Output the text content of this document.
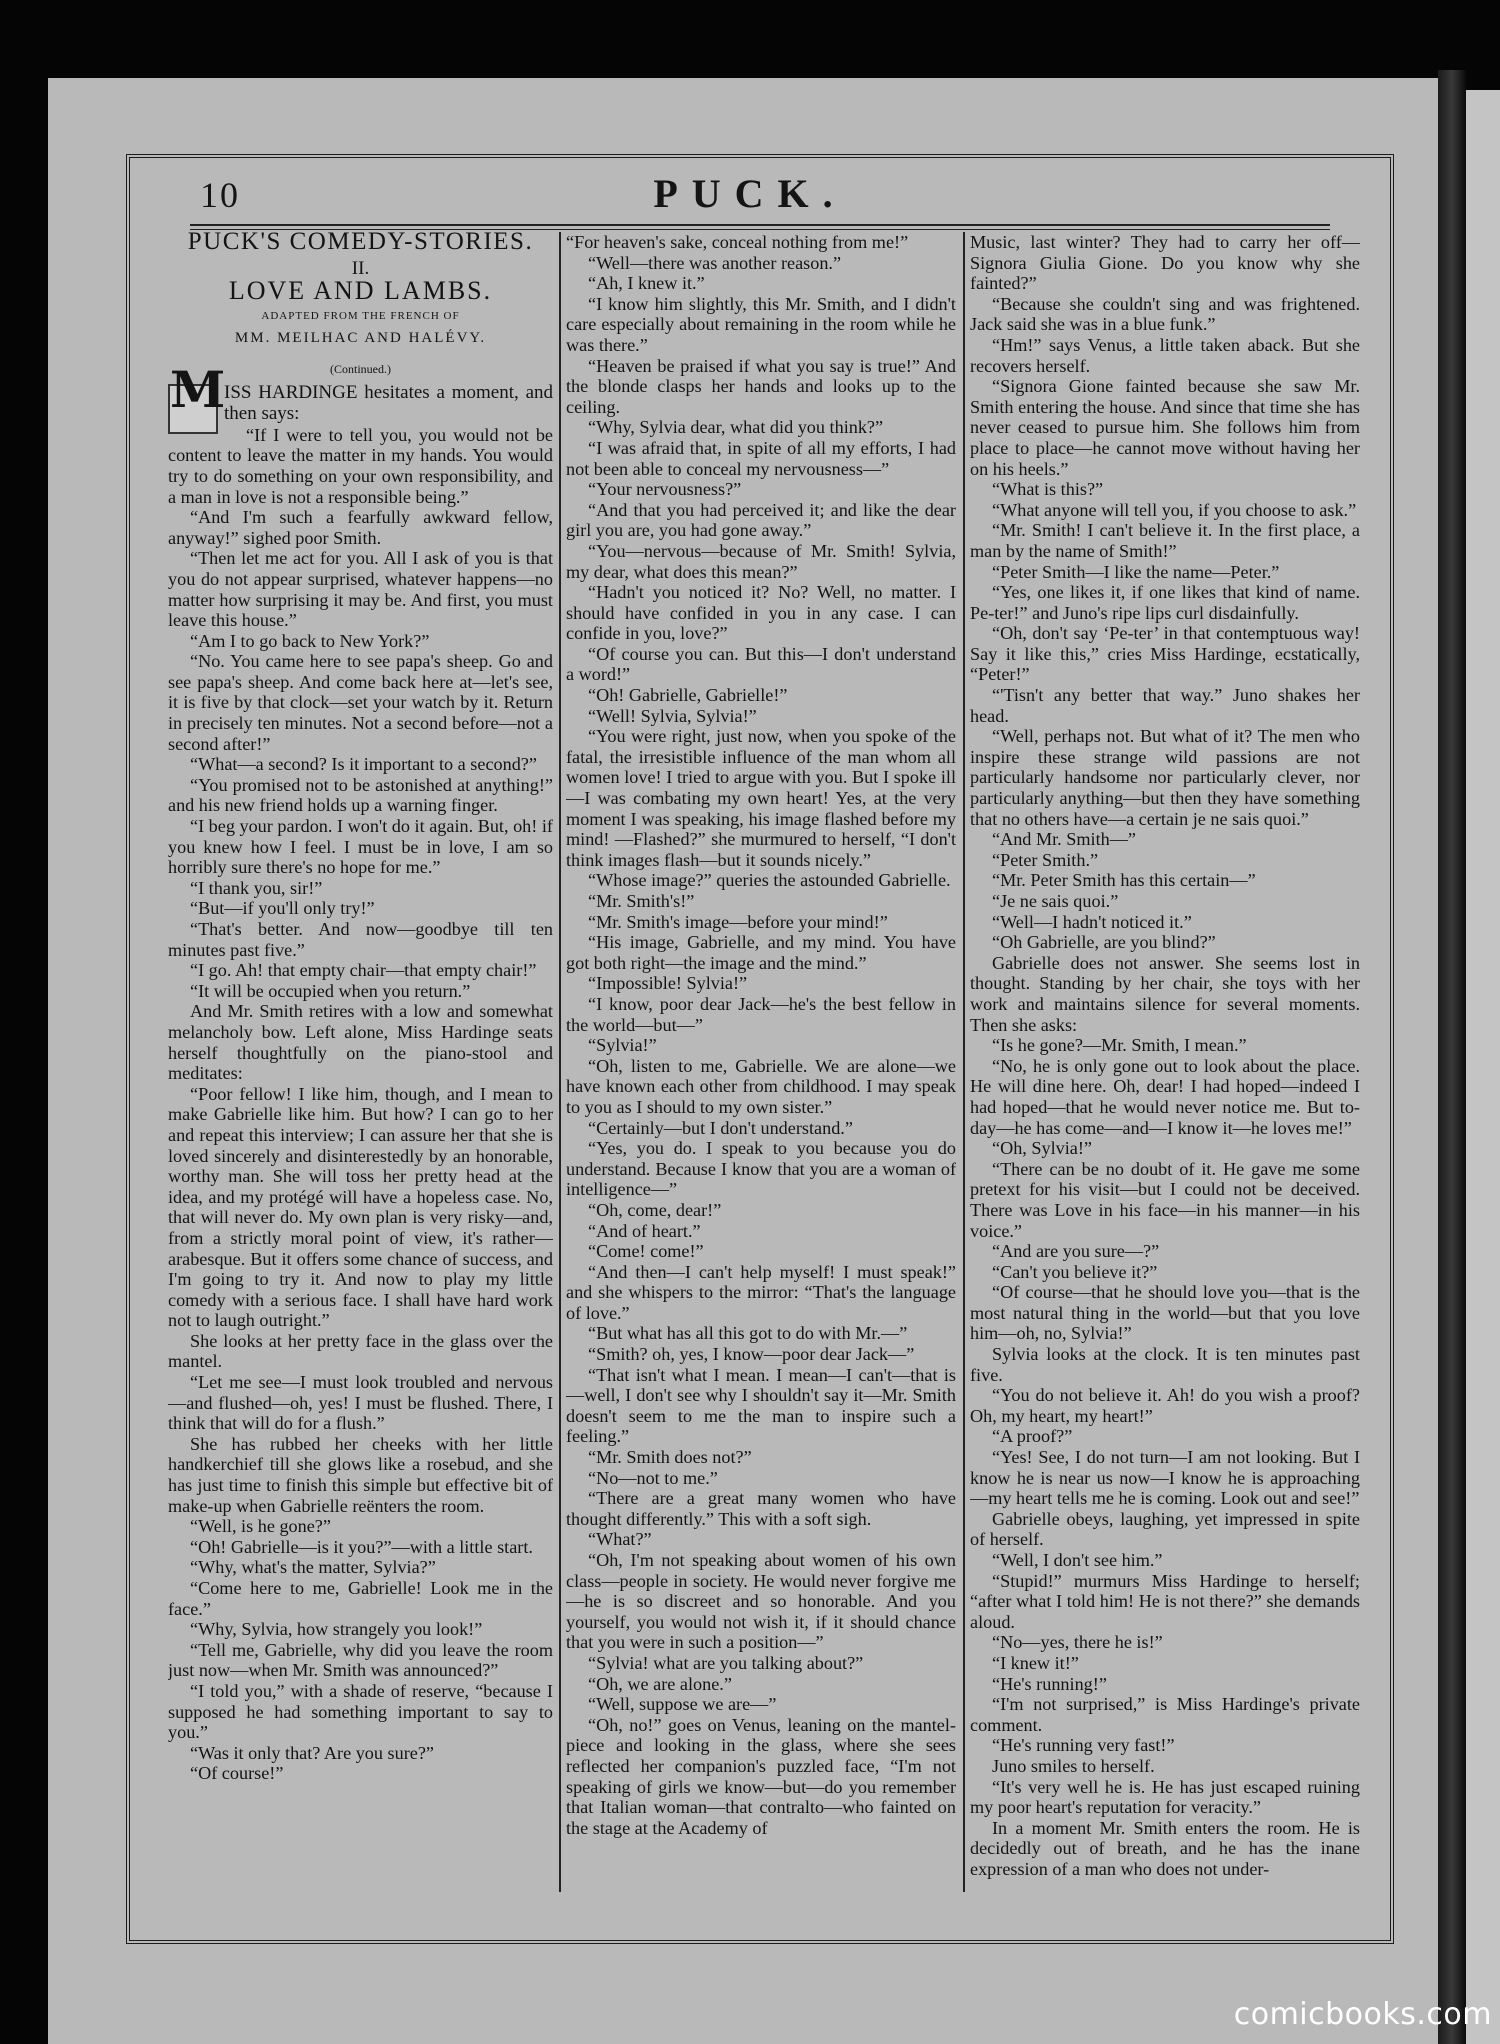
10	PUCK.
PUCK'S COMEDY-STORIES.
II.
LOVE AND LAMBS.
ADAPTED FROM THE FRENCH OF
MM. MEILHAC AND HALÉVY.
(Continued.)

M
ISS HARDINGE hesitates a moment, and then says:

“If I were to tell you, you would not be content to leave the matter in my hands. You would try to do something on your own responsibility, and a man in love is not a responsible being.”

“And I'm such a fearfully awkward fellow, anyway!” sighed poor Smith.

“Then let me act for you. All I ask of you is that you do not appear surprised, whatever happens—no matter how surprising it may be. And first, you must leave this house.”

“Am I to go back to New York?”

“No. You came here to see papa's sheep. Go and see papa's sheep. And come back here at—let's see, it is five by that clock—set your watch by it. Return in precisely ten minutes. Not a second before—not a second after!”

“What—a second? Is it important to a second?”

“You promised not to be astonished at anything!” and his new friend holds up a warning finger.

“I beg your pardon. I won't do it again. But, oh! if you knew how I feel. I must be in love, I am so horribly sure there's no hope for me.”

“I thank you, sir!”

“But—if you'll only try!”

“That's better. And now—goodbye till ten minutes past five.”

“I go. Ah! that empty chair—that empty chair!”

“It will be occupied when you return.”

And Mr. Smith retires with a low and somewhat melancholy bow. Left alone, Miss Hardinge seats herself thoughtfully on the piano-stool and meditates:

“Poor fellow! I like him, though, and I mean to make Gabrielle like him. But how? I can go to her and repeat this interview; I can assure her that she is loved sincerely and disinterestedly by an honorable, worthy man. She will toss her pretty head at the idea, and my protégé will have a hopeless case. No, that will never do. My own plan is very risky—and, from a strictly moral point of view, it's rather—arabesque. But it offers some chance of success, and I'm going to try it. And now to play my little comedy with a serious face. I shall have hard work not to laugh outright.”

She looks at her pretty face in the glass over the mantel.

“Let me see—I must look troubled and nervous—and flushed—oh, yes! I must be flushed. There, I think that will do for a flush.”

She has rubbed her cheeks with her little handkerchief till she glows like a rosebud, and she has just time to finish this simple but effective bit of make-up when Gabrielle reënters the room.

“Well, is he gone?”

“Oh! Gabrielle—is it you?”—with a little start.

“Why, what's the matter, Sylvia?”

“Come here to me, Gabrielle! Look me in the face.”

“Why, Sylvia, how strangely you look!”

“Tell me, Gabrielle, why did you leave the room just now—when Mr. Smith was announced?”

“I told you,” with a shade of reserve, “because I supposed he had something important to say to you.”

“Was it only that? Are you sure?”

“Of course!”

“For heaven's sake, conceal nothing from me!”

“Well—there was another reason.”

“Ah, I knew it.”

“I know him slightly, this Mr. Smith, and I didn't care especially about remaining in the room while he was there.”

“Heaven be praised if what you say is true!” And the blonde clasps her hands and looks up to the ceiling.

“Why, Sylvia dear, what did you think?”

“I was afraid that, in spite of all my efforts, I had not been able to conceal my nervousness—”

“Your nervousness?”

“And that you had perceived it; and like the dear girl you are, you had gone away.”

“You—nervous—because of Mr. Smith! Sylvia, my dear, what does this mean?”

“Hadn't you noticed it? No? Well, no matter. I should have confided in you in any case. I can confide in you, love?”

“Of course you can. But this—I don't understand a word!”

“Oh! Gabrielle, Gabrielle!”

“Well! Sylvia, Sylvia!”

“You were right, just now, when you spoke of the fatal, the irresistible influence of the man whom all women love! I tried to argue with you. But I spoke ill—I was combating my own heart! Yes, at the very moment I was speaking, his image flashed before my mind! —Flashed?” she murmured to herself, “I don't think images flash—but it sounds nicely.”

“Whose image?” queries the astounded Gabrielle.

“Mr. Smith's!”

“Mr. Smith's image—before your mind!”

“His image, Gabrielle, and my mind. You have got both right—the image and the mind.”

“Impossible! Sylvia!”

“I know, poor dear Jack—he's the best fellow in the world—but—”

“Sylvia!”

“Oh, listen to me, Gabrielle. We are alone—we have known each other from childhood. I may speak to you as I should to my own sister.”

“Certainly—but I don't understand.”

“Yes, you do. I speak to you because you do understand. Because I know that you are a woman of intelligence—”

“Oh, come, dear!”

“And of heart.”

“Come! come!”

“And then—I can't help myself! I must speak!” and she whispers to the mirror: “That's the language of love.”

“But what has all this got to do with Mr.—”

“Smith? oh, yes, I know—poor dear Jack—”

“That isn't what I mean. I mean—I can't—that is—well, I don't see why I shouldn't say it—Mr. Smith doesn't seem to me the man to inspire such a feeling.”

“Mr. Smith does not?”

“No—not to me.”

“There are a great many women who have thought differently.” This with a soft sigh.

“What?”

“Oh, I'm not speaking about women of his own class—people in society. He would never forgive me—he is so discreet and so honorable. And you yourself, you would not wish it, if it should chance that you were in such a position—”

“Sylvia! what are you talking about?”

“Oh, we are alone.”

“Well, suppose we are—”

“Oh, no!” goes on Venus, leaning on the mantel-piece and looking in the glass, where she sees reflected her companion's puzzled face, “I'm not speaking of girls we know—but—do you remember that Italian woman—that contralto—who fainted on the stage at the Academy of

Music, last winter? They had to carry her off—Signora Giulia Gione. Do you know why she fainted?”

“Because she couldn't sing and was frightened. Jack said she was in a blue funk.”

“Hm!” says Venus, a little taken aback. But she recovers herself.

“Signora Gione fainted because she saw Mr. Smith entering the house. And since that time she has never ceased to pursue him. She follows him from place to place—he cannot move without having her on his heels.”

“What is this?”

“What anyone will tell you, if you choose to ask.”

“Mr. Smith! I can't believe it. In the first place, a man by the name of Smith!”

“Peter Smith—I like the name—Peter.”

“Yes, one likes it, if one likes that kind of name. Pe-ter!” and Juno's ripe lips curl disdainfully.

“Oh, don't say ‘Pe-ter’ in that contemptuous way! Say it like this,” cries Miss Hardinge, ecstatically, “Peter!”

“'Tisn't any better that way.” Juno shakes her head.

“Well, perhaps not. But what of it? The men who inspire these strange wild passions are not particularly handsome nor particularly clever, nor particularly anything—but then they have something that no others have—a certain je ne sais quoi.”

“And Mr. Smith—”

“Peter Smith.”

“Mr. Peter Smith has this certain—”

“Je ne sais quoi.”

“Well—I hadn't noticed it.”

“Oh Gabrielle, are you blind?”

Gabrielle does not answer. She seems lost in thought. Standing by her chair, she toys with her work and maintains silence for several moments. Then she asks:

“Is he gone?—Mr. Smith, I mean.”

“No, he is only gone out to look about the place. He will dine here. Oh, dear! I had hoped—indeed I had hoped—that he would never notice me. But to-day—he has come—and—I know it—he loves me!”

“Oh, Sylvia!”

“There can be no doubt of it. He gave me some pretext for his visit—but I could not be deceived. There was Love in his face—in his manner—in his voice.”

“And are you sure—?”

“Can't you believe it?”

“Of course—that he should love you—that is the most natural thing in the world—but that you love him—oh, no, Sylvia!”

Sylvia looks at the clock. It is ten minutes past five.

“You do not believe it. Ah! do you wish a proof? Oh, my heart, my heart!”

“A proof?”

“Yes! See, I do not turn—I am not looking. But I know he is near us now—I know he is approaching—my heart tells me he is coming. Look out and see!”

Gabrielle obeys, laughing, yet impressed in spite of herself.

“Well, I don't see him.”

“Stupid!” murmurs Miss Hardinge to herself; “after what I told him! He is not there?” she demands aloud.

“No—yes, there he is!”

“I knew it!”

“He's running!”

“I'm not surprised,” is Miss Hardinge's private comment.

“He's running very fast!”

Juno smiles to herself.

“It's very well he is. He has just escaped ruining my poor heart's reputation for veracity.”

In a moment Mr. Smith enters the room. He is decidedly out of breath, and he has the inane expression of a man who does not under-

comicbooks.com
